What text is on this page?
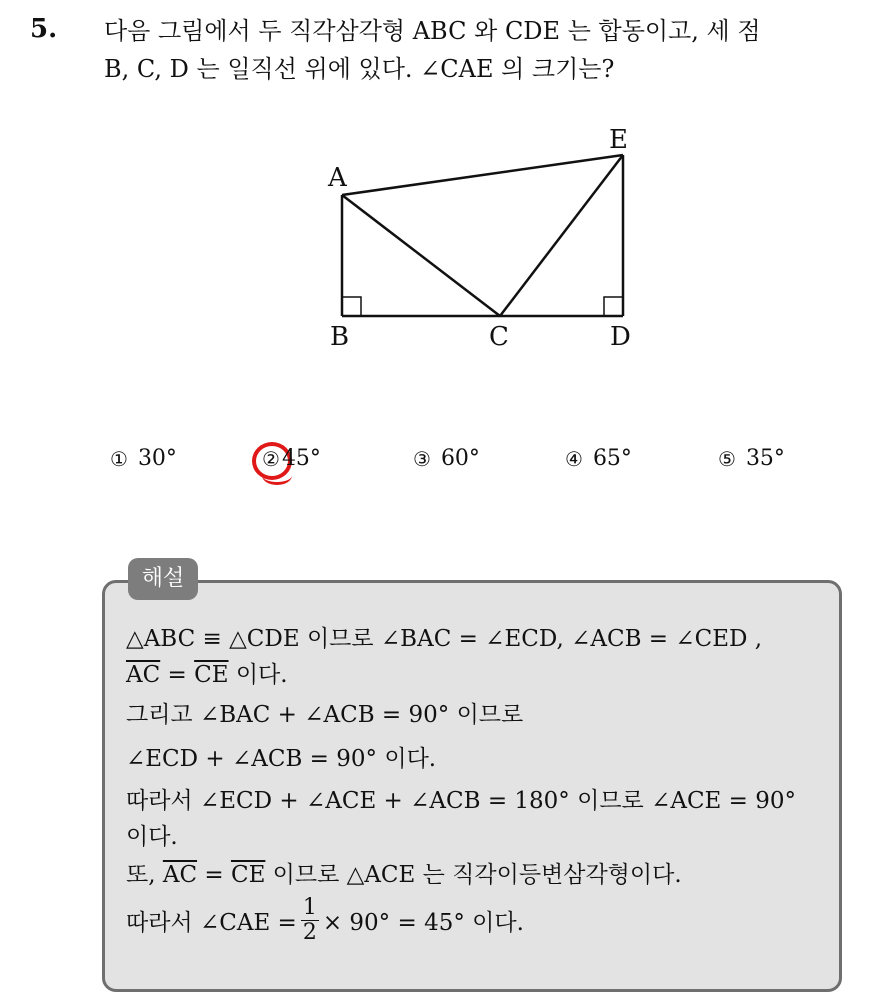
5. 다음 그림에서 두 직각삼각형 ABC 와 CDE 는 합동이고, 세 점
B, C, D 는 일직선 위에 있다. ∠CAE 의 크기는?
A
B	C	D
E
① 30°	② 45°	③ 60°	④ 65°	⑤ 35°
해설
△ABC ≡ △CDE 이므로 ∠BAC = ∠ECD, ∠ACB = ∠CED ,
$\overline{AC} = \overline{CE}$ 이다.
그리고 ∠BAC + ∠ACB = 90° 이므로
∠ECD + ∠ACB = 90° 이다.
따라서 ∠ECD + ∠ACE + ∠ACB = 180° 이므로 ∠ACE = 90°
이다.
또, $\overline{AC} = \overline{CE}$ 이므로 △ACE 는 직각이등변삼각형이다.
따라서 ∠CAE = $\frac{1}{2} \times 90^\circ = 45^\circ$ 이다.
